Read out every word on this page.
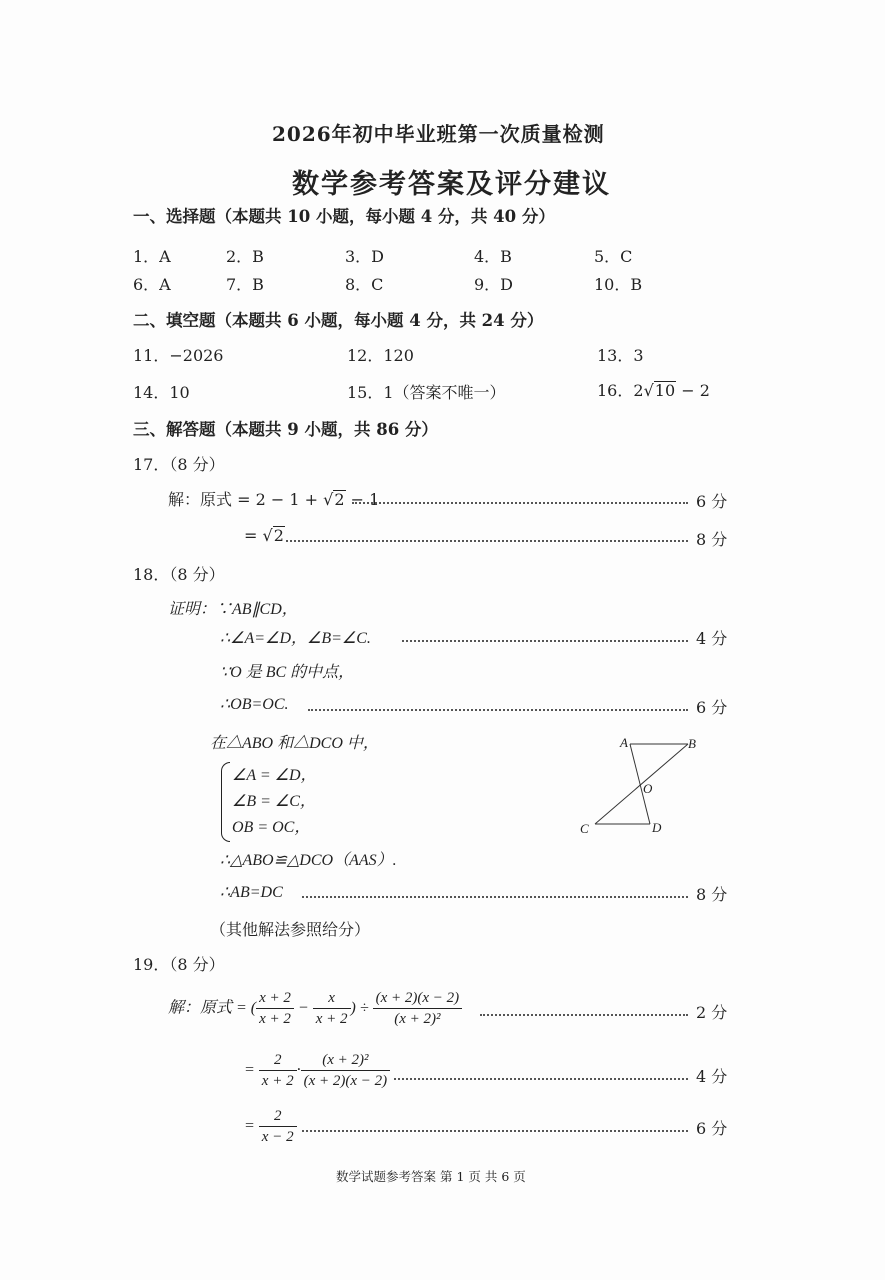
2026年初中毕业班第一次质量检测
数学参考答案及评分建议
一、选择题（本题共 10 小题，每小题 4 分，共 40 分）
1．A	2．B	3．D	4．B	5．C
6．A	7．B	8．C	9．D	10．B
二、填空题（本题共 6 小题，每小题 4 分，共 24 分）
11．−2026	12．120	13．3
14．10	15．1（答案不唯一）	16．2√10 − 2
三、解答题（本题共 9 小题，共 86 分）
17．（8 分）
解：原式 = 2 − 1 + √2 − 1	6 分
= √2	8 分
18．（8 分）
证明：∵AB∥CD，
∴∠A=∠D，∠B=∠C.	4 分
∵O 是 BC 的中点，
∴OB=OC.	6 分
在△ABO 和△DCO 中，
∠A = ∠D，
∠B = ∠C，
OB = OC，
∴△ABO≌△DCO（AAS）.
∴AB=DC	8 分
（其他解法参照给分）
A	B
O
C	D
19．（8 分）
解：原式 = ( $\frac{x + 2}{x + 2} - \frac{x}{x + 2}$ ) ÷ $\frac{(x + 2)(x - 2)}{\text{(x + 2)²}}$	2 分
= $\frac{2}{x + 2} \cdot \frac{\text{(x + 2)²}}{(x + 2)(x - 2)}$	4 分
= $\frac{2}{x - 2}$	6 分
数学试题参考答案 第 1 页 共 6 页
